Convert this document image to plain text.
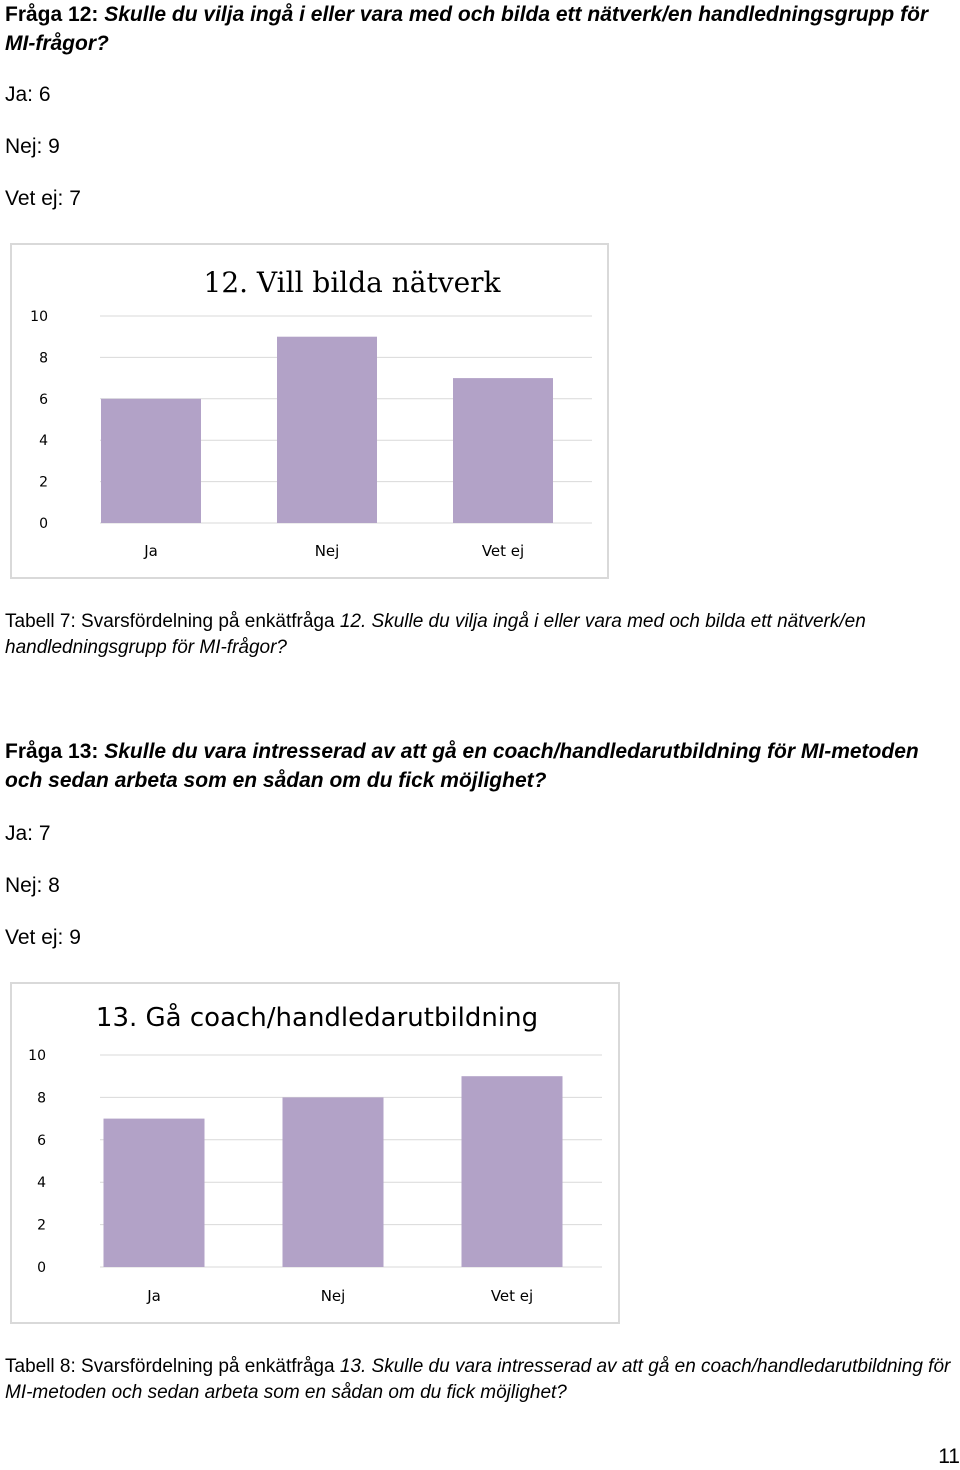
Fråga 12: Skulle du vilja ingå i eller vara med och bilda ett nätverk/en handledningsgrupp för MI-frågor?
Ja: 6
Nej: 9
Vet ej: 7
12. Vill bilda nätverk
0
2
4
6
8
10
Ja	Nej	Vet ej
Tabell 7: Svarsfördelning på enkätfråga 12. Skulle du vilja ingå i eller vara med och bilda ett nätverk/en handledningsgrupp för MI-frågor?
Fråga 13: Skulle du vara intresserad av att gå en coach/handledarutbildning för MI-metoden och sedan arbeta som en sådan om du fick möjlighet?
Ja: 7
Nej: 8
Vet ej: 9
13. Gå coach/handledarutbildning
0
2
4
6
8
10
Ja	Nej	Vet ej
Tabell 8: Svarsfördelning på enkätfråga 13. Skulle du vara intresserad av att gå en coach/handledarutbildning för MI-metoden och sedan arbeta som en sådan om du fick möjlighet?
11
